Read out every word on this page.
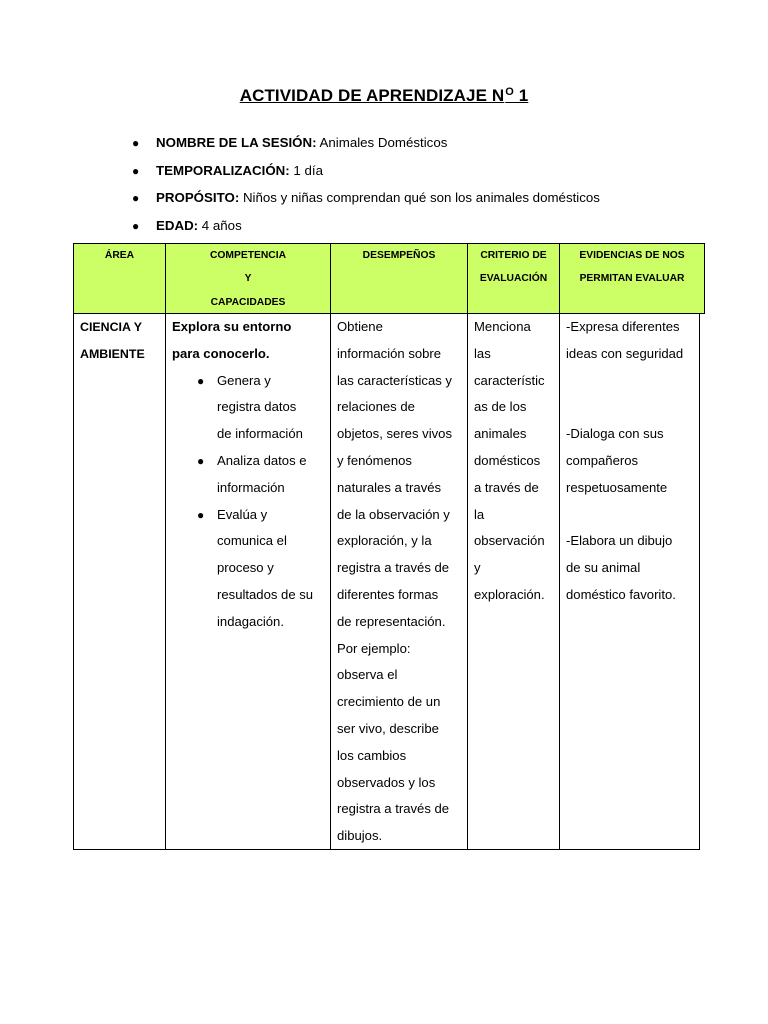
ACTIVIDAD DE APRENDIZAJE $N^O$ 1
● NOMBRE DE LA SESIÓN: Animales Domésticos
● TEMPORALIZACIÓN: 1 día
● PROPÓSITO: Niños y niñas comprendan qué son los animales domésticos
● EDAD: 4 años
ÁREA	COMPETENCIA
Y
CAPACIDADES
DESEMPEÑOS	CRITERIO DE
EVALUACIÓN
EVIDENCIAS DE NOS
PERMITAN EVALUAR
CIENCIA Y
AMBIENTE
Explora su entorno
para conocerlo.
● Genera y
registra datos
de información
● Analiza datos e
información
● Evalúa y
comunica el
proceso y
resultados de su
indagación.
Obtiene
información sobre
las características y
relaciones de
objetos, seres vivos
y fenómenos
naturales a través
de la observación y
exploración, y la
registra a través de
diferentes formas
de representación.
Por ejemplo:
observa el
crecimiento de un
ser vivo, describe
los cambios
observados y los
registra a través de
dibujos.
Menciona
las
característic
as de los
animales
domésticos
a través de
la
observación
y
exploración.
-Expresa diferentes
ideas con seguridad
-Dialoga con sus
compañeros
respetuosamente
-Elabora un dibujo
de su animal
doméstico favorito.
